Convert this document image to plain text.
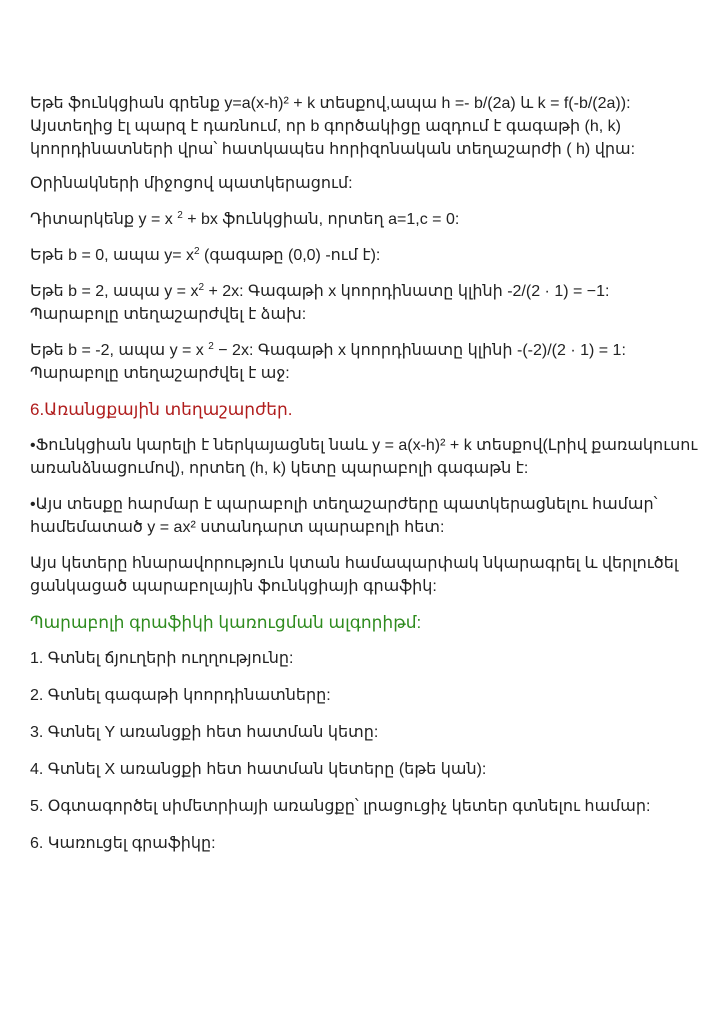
Եթե ֆունկցիան գրենք y=a(x-h)² + k տեսքով,ապա h =- b/(2a) և k = f(-b/(2a)): Այստեղից էլ պարզ է դառնում, որ b գործակիցը ազդում է գագաթի (h, k) կոորդինատների վրա՝ հատկապես հորիզոնական տեղաշարժի ( h) վրա:

Օրինակների միջոցով պատկերացում:

Դիտարկենք y = x $^2$ + bx ֆունկցիան, որտեղ a=1,c = 0:

Եթե b = 0, ապա $y= x^2$ (գագաթը (0,0) -ում է):

Եթե b = 2, ապա $y = x^2 + 2x$: Գագաթի x կոորդինատը կլինի -2/(2 · 1) = −1: Պարաբոլը տեղաշարժվել է ձախ:

Եթե b = -2, ապա y = x $^2$ − 2x: Գագաթի x կոորդինատը կլինի -(-2)/(2 · 1) = 1: Պարաբոլը տեղաշարժվել է աջ:

6.Առանցքային տեղաշարժեր.

•Ֆունկցիան կարելի է ներկայացնել նաև y = a(x-h)² + k տեսքով(Լրիվ քառակուսու առանձնացումով), որտեղ (h, k) կետը պարաբոլի գագաթն է:

•Այս տեսքը հարմար է պարաբոլի տեղաշարժերը պատկերացնելու համար՝ համեմատած y = ax² ստանդարտ պարաբոլի հետ:

Այս կետերը հնարավորություն կտան համապարփակ նկարագրել և վերլուծել ցանկացած պարաբոլային ֆունկցիայի գրաֆիկ:

Պարաբոլի գրաֆիկի կառուցման ալգորիթմ:

1. Գտնել ճյուղերի ուղղությունը:

2. Գտնել գագաթի կոորդինատները:

3. Գտնել Y առանցքի հետ հատման կետը:

4. Գտնել X առանցքի հետ հատման կետերը (եթե կան):

5. Օգտագործել սիմետրիայի առանցքը՝ լրացուցիչ կետեր գտնելու համար:

6. Կառուցել գրաֆիկը:
